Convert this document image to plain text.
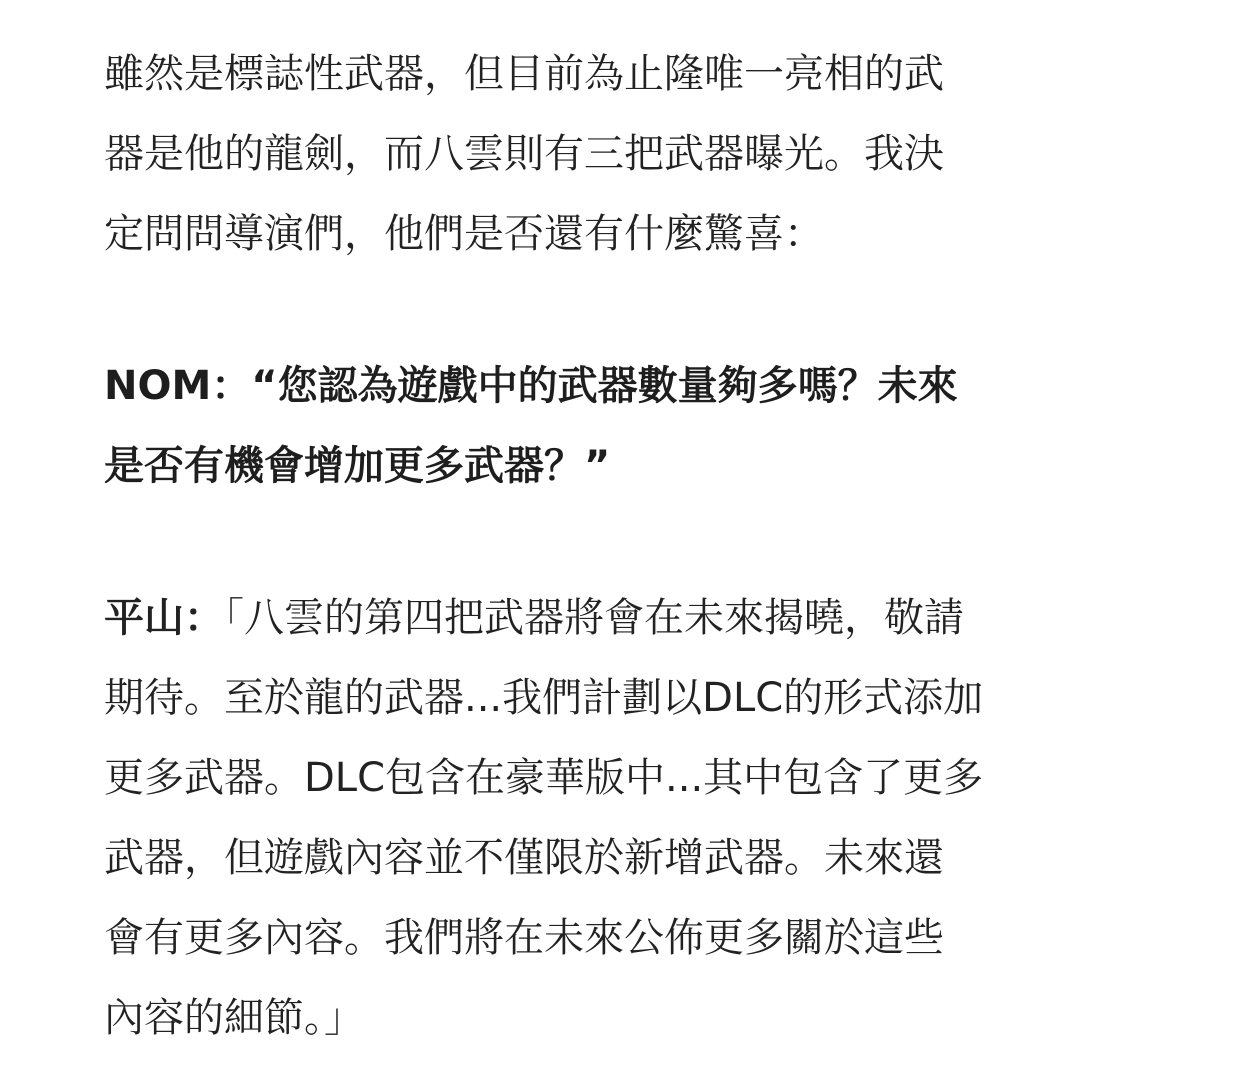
雖然是標誌性武器，但目前為止隆唯一亮相的武
器是他的龍劍，而八雲則有三把武器曝光。我決
定問問導演們，他們是否還有什麼驚喜：

NOM：“您認為遊戲中的武器數量夠多嗎？未來
是否有機會增加更多武器？”

平山：「八雲的第四把武器將會在未來揭曉，敬請
期待。至於龍的武器...我們計劃以DLC的形式添加
更多武器。DLC包含在豪華版中...其中包含了更多
武器，但遊戲內容並不僅限於新增武器。未來還
會有更多內容。我們將在未來公佈更多關於這些
內容的細節。」
